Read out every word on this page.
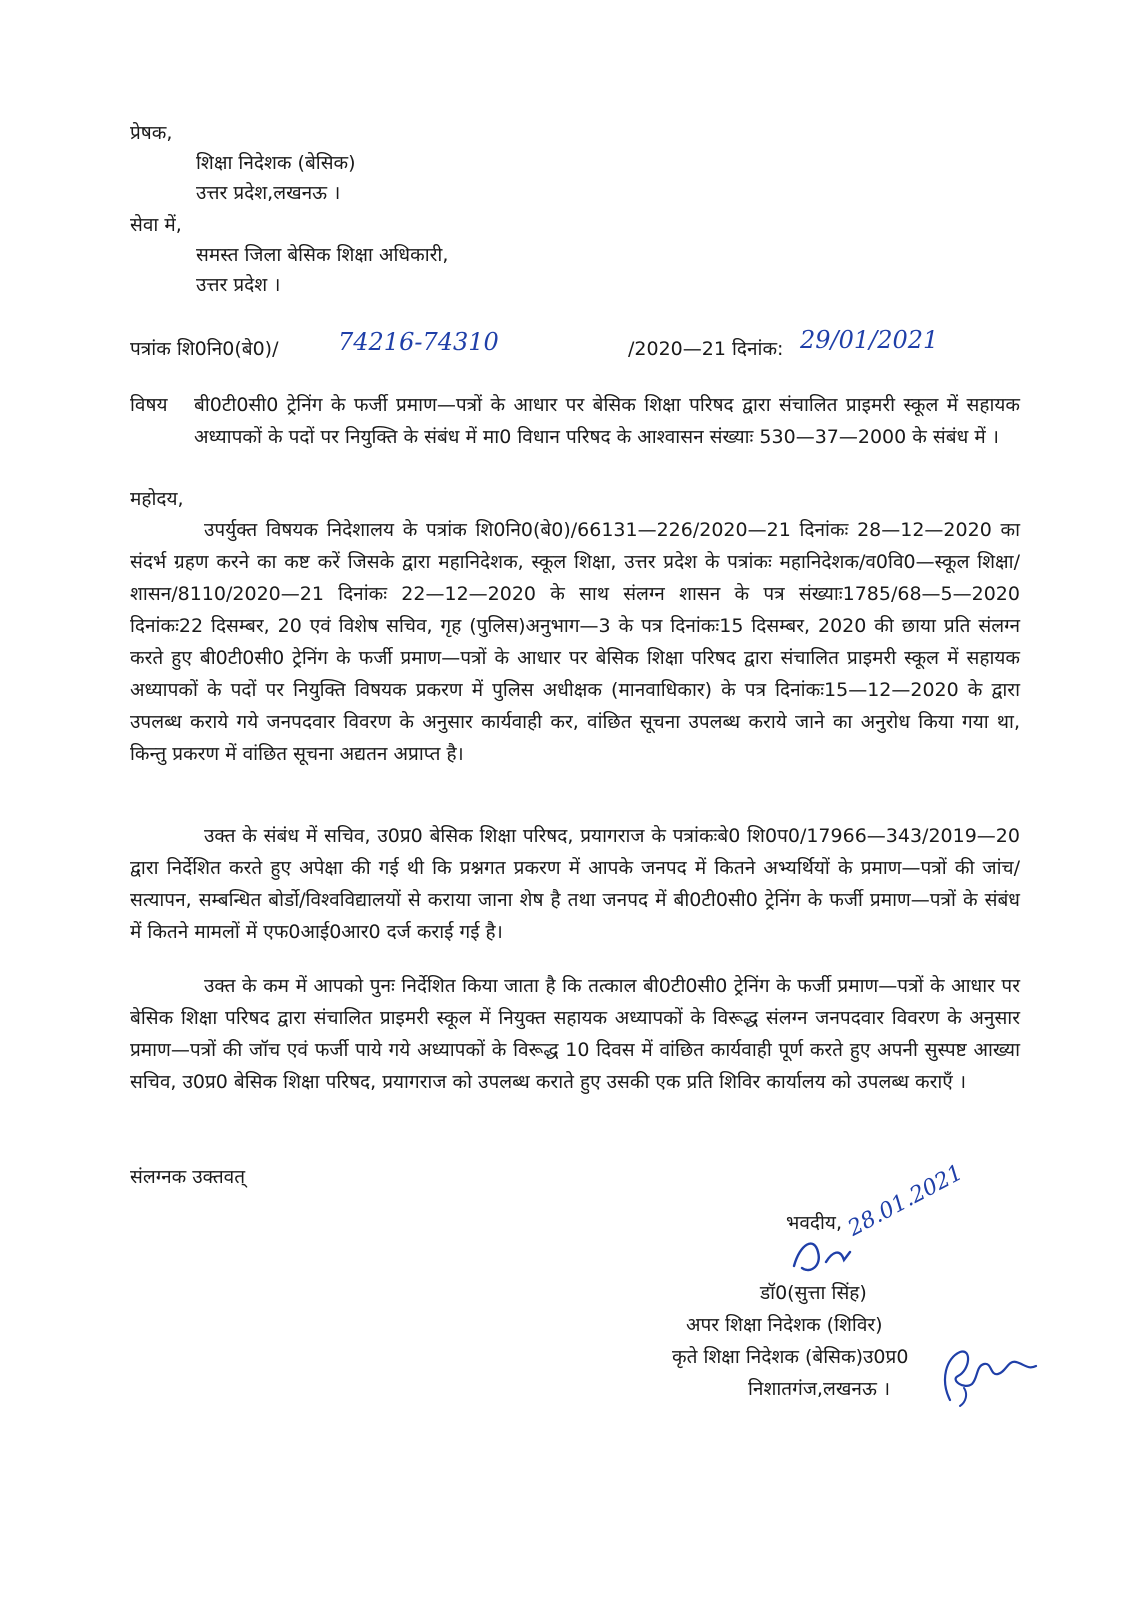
प्रेषक,
शिक्षा निदेशक (बेसिक)
उत्तर प्रदेश,लखनऊ ।
सेवा में,
समस्त जिला बेसिक शिक्षा अधिकारी,
उत्तर प्रदेश ।
पत्रांक शि0नि0(बे0)/ 74216-74310	/2020—21 दिनांक: 29/01/2021
विषय बी0टी0सी0 ट्रेनिंग के फर्जी प्रमाण—पत्रों के आधार पर बेसिक शिक्षा परिषद द्वारा संचालित प्राइमरी स्कूल में सहायक अध्यापकों के पदों पर नियुक्ति के संबंध में मा0 विधान परिषद के आश्वासन संख्याः 530—37—2000 के संबंध में ।
महोदय,
उपर्युक्त विषयक निदेशालय के पत्रांक शि0नि0(बे0)/66131—226/2020—21 दिनांकः 28—12—2020 का संदर्भ ग्रहण करने का कष्ट करें जिसके द्वारा महानिदेशक, स्कूल शिक्षा, उत्तर प्रदेश के पत्रांकः महानिदेशक/व0वि0—स्कूल शिक्षा/शासन/8110/2020—21 दिनांकः 22—12—2020 के साथ संलग्न शासन के पत्र संख्याः1785/68—5—2020 दिनांकः22 दिसम्बर, 20 एवं विशेष सचिव, गृह (पुलिस)अनुभाग—3 के पत्र दिनांकः15 दिसम्बर, 2020 की छाया प्रति संलग्न करते हुए बी0टी0सी0 ट्रेनिंग के फर्जी प्रमाण—पत्रों के आधार पर बेसिक शिक्षा परिषद द्वारा संचालित प्राइमरी स्कूल में सहायक अध्यापकों के पदों पर नियुक्ति विषयक प्रकरण में पुलिस अधीक्षक (मानवाधिकार) के पत्र दिनांकः15—12—2020 के द्वारा उपलब्ध कराये गये जनपदवार विवरण के अनुसार कार्यवाही कर, वांछित सूचना उपलब्ध कराये जाने का अनुरोध किया गया था, किन्तु प्रकरण में वांछित सूचना अद्यतन अप्राप्त है।
उक्त के संबंध में सचिव, उ0प्र0 बेसिक शिक्षा परिषद, प्रयागराज के पत्रांकःबे0 शि0प0/17966—343/2019—20 द्वारा निर्देशित करते हुए अपेक्षा की गई थी कि प्रश्नगत प्रकरण में आपके जनपद में कितने अभ्यर्थियों के प्रमाण—पत्रों की जांच/सत्यापन, सम्बन्धित बोर्डो/विश्वविद्यालयों से कराया जाना शेष है तथा जनपद में बी0टी0सी0 ट्रेनिंग के फर्जी प्रमाण—पत्रों के संबंध में कितने मामलों में एफ0आई0आर0 दर्ज कराई गई है।
उक्त के कम में आपको पुनः निर्देशित किया जाता है कि तत्काल बी0टी0सी0 ट्रेनिंग के फर्जी प्रमाण—पत्रों के आधार पर बेसिक शिक्षा परिषद द्वारा संचालित प्राइमरी स्कूल में नियुक्त सहायक अध्यापकों के विरूद्ध संलग्न जनपदवार विवरण के अनुसार प्रमाण—पत्रों की जॉच एवं फर्जी पाये गये अध्यापकों के विरूद्ध 10 दिवस में वांछित कार्यवाही पूर्ण करते हुए अपनी सुस्पष्ट आख्या सचिव, उ0प्र0 बेसिक शिक्षा परिषद, प्रयागराज को उपलब्ध कराते हुए उसकी एक प्रति शिविर कार्यालय को उपलब्ध कराएँ ।
संलग्नक उक्तवत्
भवदीय, 28.01.2021
डॉ0(सुत्ता सिंह)
अपर शिक्षा निदेशक (शिविर)
कृते शिक्षा निदेशक (बेसिक)उ0प्र0
निशातगंज,लखनऊ ।
